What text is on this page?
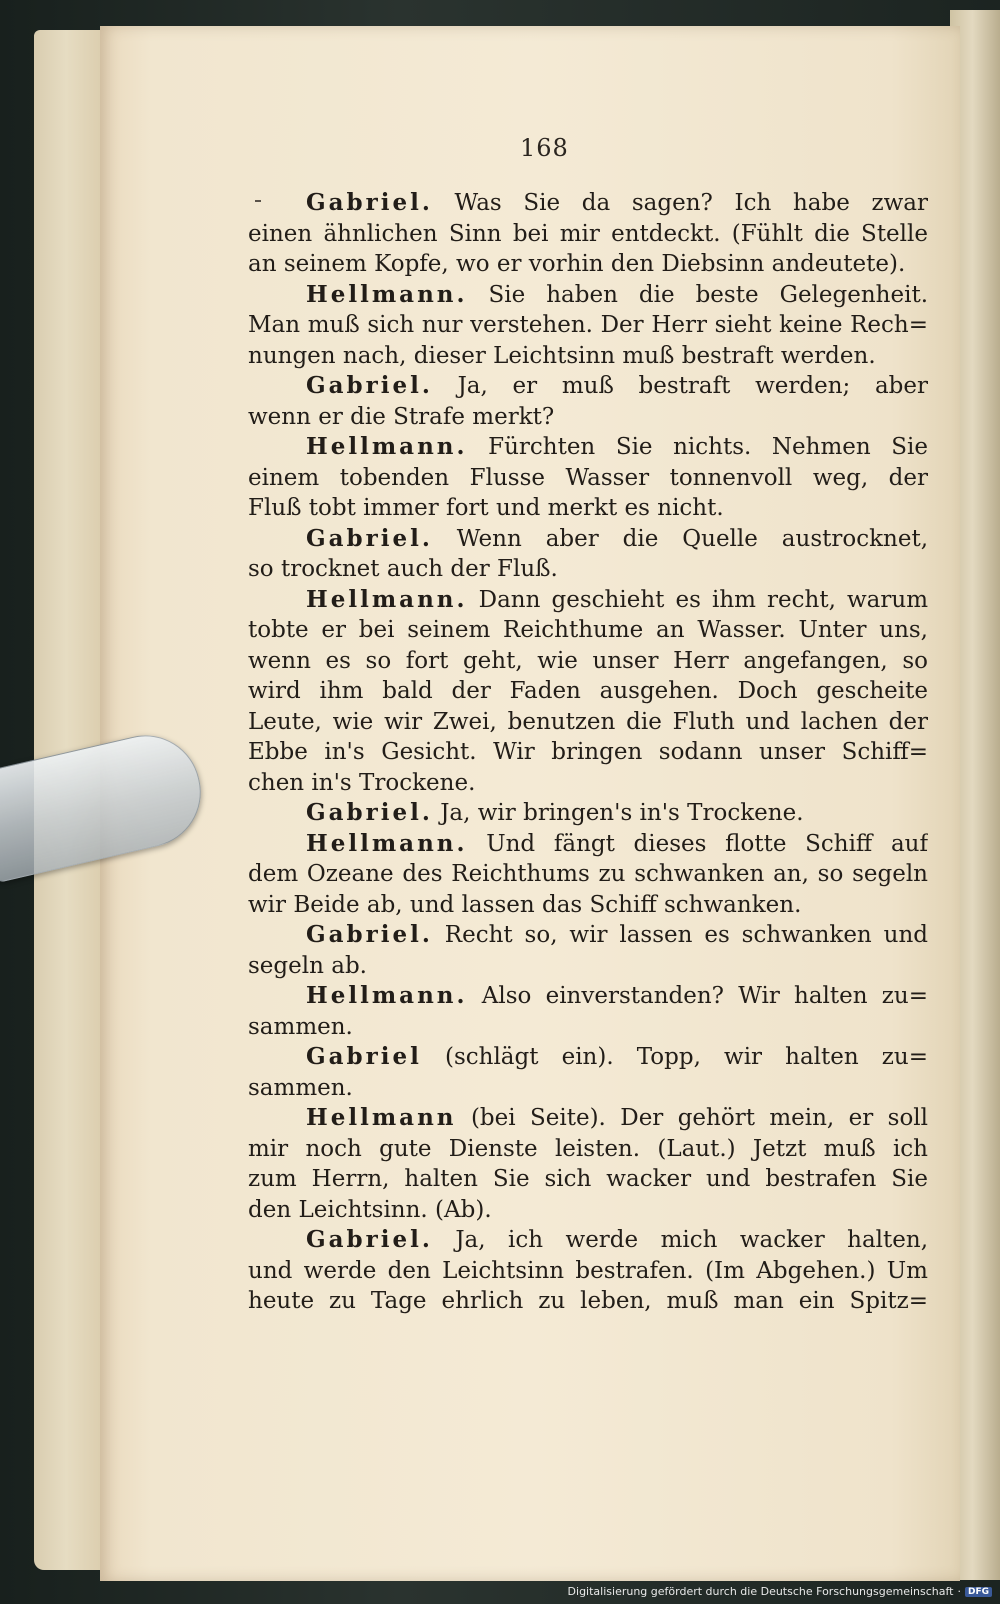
168
Gabriel. Was Sie da sagen? Ich habe zwar
einen ähnlichen Sinn bei mir entdeckt. (Fühlt die Stelle
an seinem Kopfe, wo er vorhin den Diebsinn andeutete).
Hellmann. Sie haben die beste Gelegenheit.
Man muß sich nur verstehen. Der Herr sieht keine Rech=
nungen nach, dieser Leichtsinn muß bestraft werden.
Gabriel. Ja, er muß bestraft werden; aber
wenn er die Strafe merkt?
Hellmann. Fürchten Sie nichts. Nehmen Sie
einem tobenden Flusse Wasser tonnenvoll weg, der
Fluß tobt immer fort und merkt es nicht.
Gabriel. Wenn aber die Quelle austrocknet,
so trocknet auch der Fluß.
Hellmann. Dann geschieht es ihm recht, warum
tobte er bei seinem Reichthume an Wasser. Unter uns,
wenn es so fort geht, wie unser Herr angefangen, so
wird ihm bald der Faden ausgehen. Doch gescheite
Leute, wie wir Zwei, benutzen die Fluth und lachen der
Ebbe in's Gesicht. Wir bringen sodann unser Schiff=
chen in's Trockene.
Gabriel. Ja, wir bringen's in's Trockene.
Hellmann. Und fängt dieses flotte Schiff auf
dem Ozeane des Reichthums zu schwanken an, so segeln
wir Beide ab, und lassen das Schiff schwanken.
Gabriel. Recht so, wir lassen es schwanken und
segeln ab.
Hellmann. Also einverstanden? Wir halten zu=
sammen.
Gabriel (schlägt ein). Topp, wir halten zu=
sammen.
Hellmann (bei Seite). Der gehört mein, er soll
mir noch gute Dienste leisten. (Laut.) Jetzt muß ich
zum Herrn, halten Sie sich wacker und bestrafen Sie
den Leichtsinn. (Ab).
Gabriel. Ja, ich werde mich wacker halten,
und werde den Leichtsinn bestrafen. (Im Abgehen.) Um
heute zu Tage ehrlich zu leben, muß man ein Spitz=
Digitalisierung gefördert durch die Deutsche Forschungsgemeinschaft · DFG
